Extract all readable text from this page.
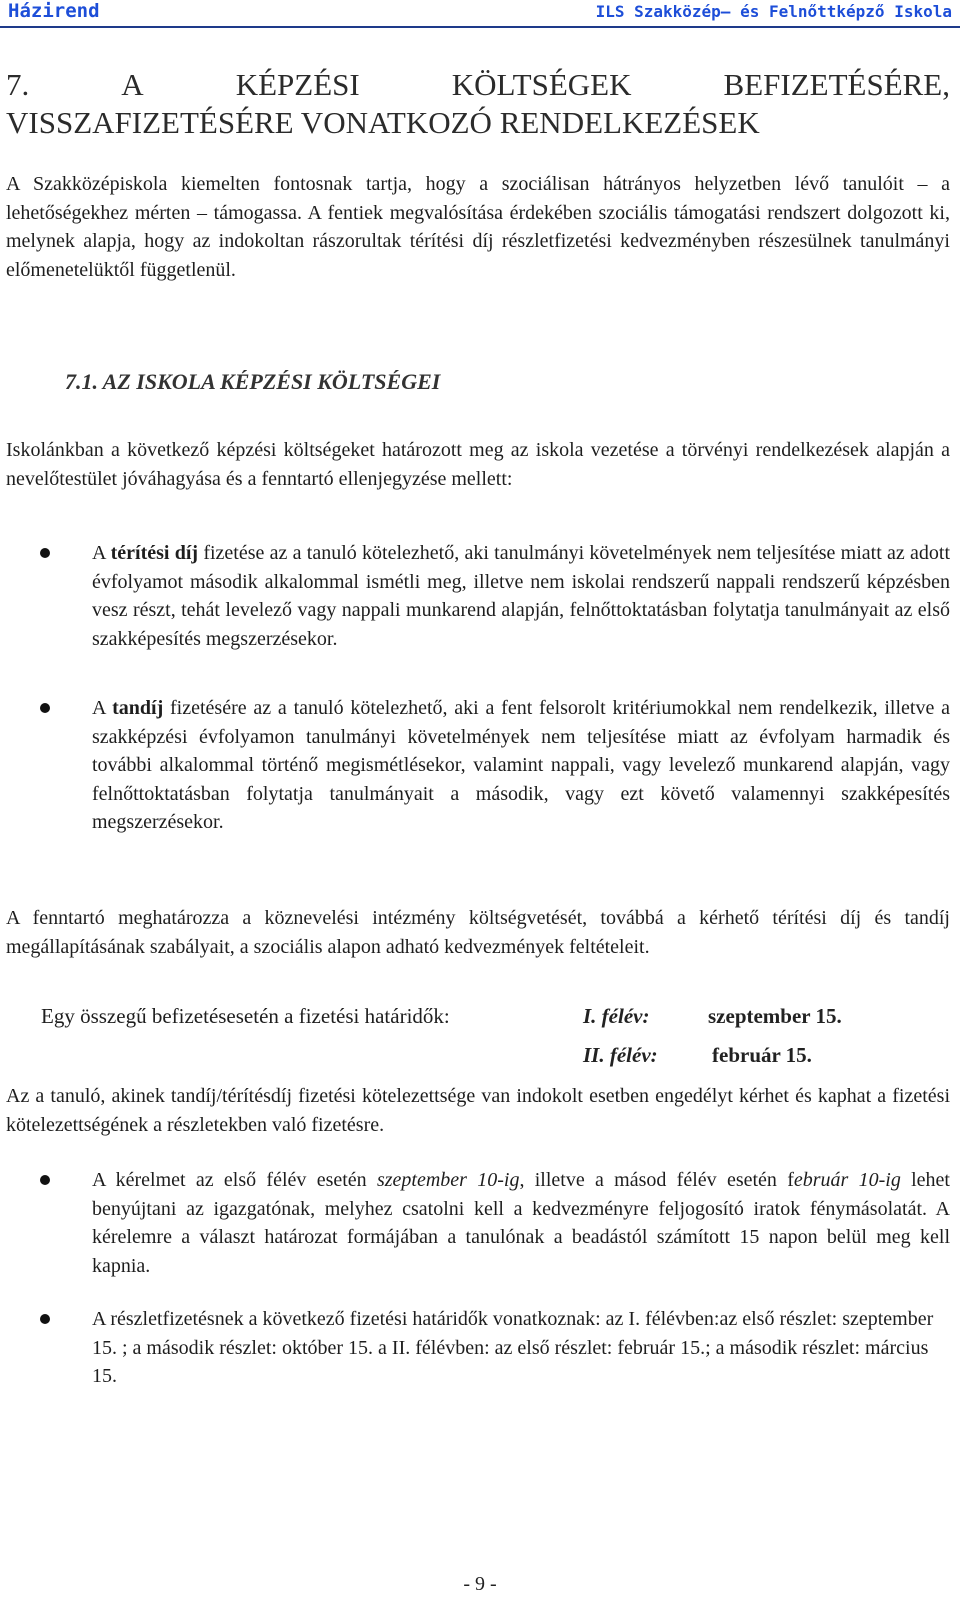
Házirend	ILS Szakközép– és Felnőttképző Iskola
7.	A	KÉPZÉSI	KÖLTSÉGEK	BEFIZETÉSÉRE,
VISSZAFIZETÉSÉRE VONATKOZÓ RENDELKEZÉSEK

A Szakközépiskola kiemelten fontosnak tartja, hogy a szociálisan hátrányos helyzetben lévő tanulóit – a lehetőségekhez mérten – támogassa. A fentiek megvalósítása érdekében szociális támogatási rendszert dolgozott ki, melynek alapja, hogy az indokoltan rászorultak térítési díj részletfizetési kedvezményben részesülnek tanulmányi előmenetelüktől függetlenül.

7.1. AZ ISKOLA KÉPZÉSI KÖLTSÉGEI

Iskolánkban a következő képzési költségeket határozott meg az iskola vezetése a törvényi rendelkezések alapján a nevelőtestület jóváhagyása és a fenntartó ellenjegyzése mellett:

A térítési díj fizetése az a tanuló kötelezhető, aki tanulmányi követelmények nem teljesítése miatt az adott évfolyamot második alkalommal ismétli meg, illetve nem iskolai rendszerű nappali rendszerű képzésben vesz részt, tehát levelező vagy nappali munkarend alapján, felnőttoktatásban folytatja tanulmányait az első szakképesítés megszerzésekor.

A tandíj fizetésére az a tanuló kötelezhető, aki a fent felsorolt kritériumokkal nem rendelkezik, illetve a szakképzési évfolyamon tanulmányi követelmények nem teljesítése miatt az évfolyam harmadik és további alkalommal történő megismétlésekor, valamint nappali, vagy levelező munkarend alapján, vagy felnőttoktatásban folytatja tanulmányait a második, vagy ezt követő valamennyi szakképesítés megszerzésekor.

A fenntartó meghatározza a köznevelési intézmény költségvetését, továbbá a kérhető térítési díj és tandíj megállapításának szabályait, a szociális alapon adható kedvezmények feltételeit.

Egy összegű befizetésesetén a fizetési határidők:	I. félév:	szeptember 15.
II. félév:	február 15.

Az a tanuló, akinek tandíj/térítésdíj fizetési kötelezettsége van indokolt esetben engedélyt kérhet és kaphat a fizetési kötelezettségének a részletekben való fizetésre.

A kérelmet az első félév esetén szeptember 10-ig, illetve a másod félév esetén február 10-ig lehet benyújtani az igazgatónak, melyhez csatolni kell a kedvezményre feljogosító iratok fénymásolatát. A kérelemre a választ határozat formájában a tanulónak a beadástól számított 15 napon belül meg kell kapnia.

A részletfizetésnek a következő fizetési határidők vonatkoznak: az I. félévben:az első részlet: szeptember 15. ; a második részlet: október 15. a II. félévben: az első részlet: február 15.; a második részlet: március 15.

- 9 -
